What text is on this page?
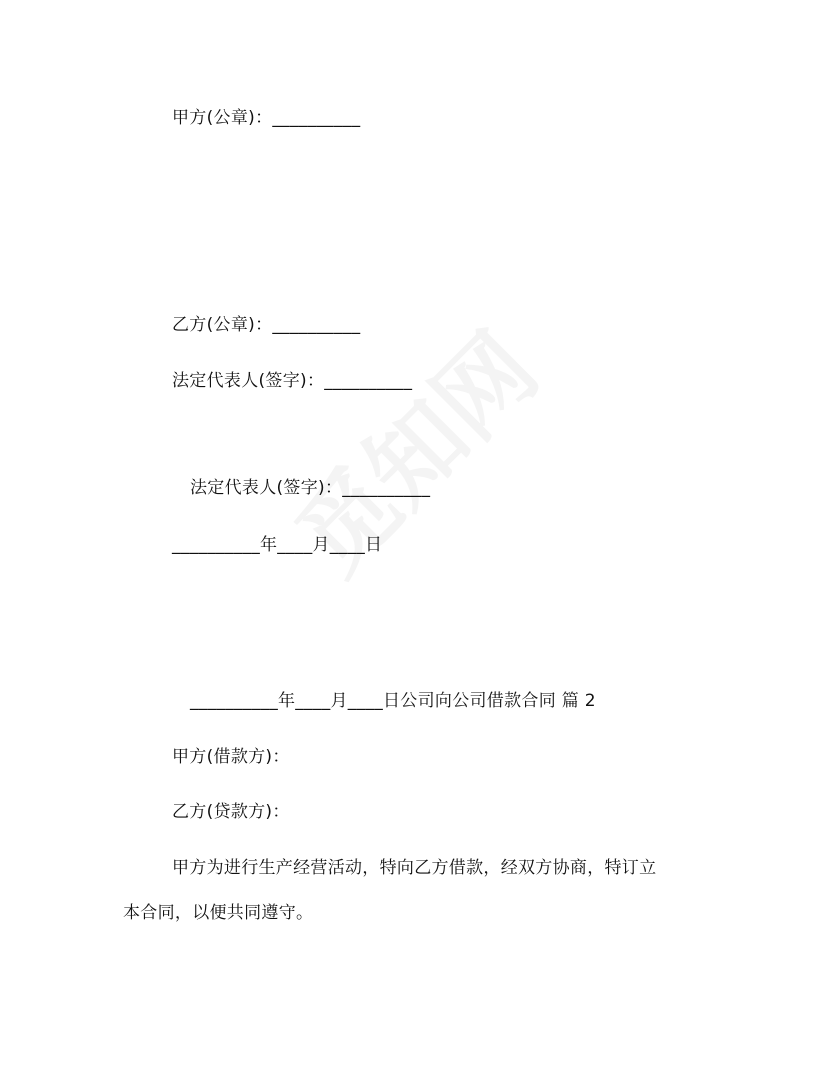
甲方(公章)：__________
乙方(公章)：__________
法定代表人(签字)：__________
法定代表人(签字)：__________
__________年____月____日
__________年____月____日公司向公司借款合同 篇 2
甲方(借款方)：
乙方(贷款方)：
甲方为进行生产经营活动，特向乙方借款，经双方协商，特订立
本合同，以便共同遵守。
